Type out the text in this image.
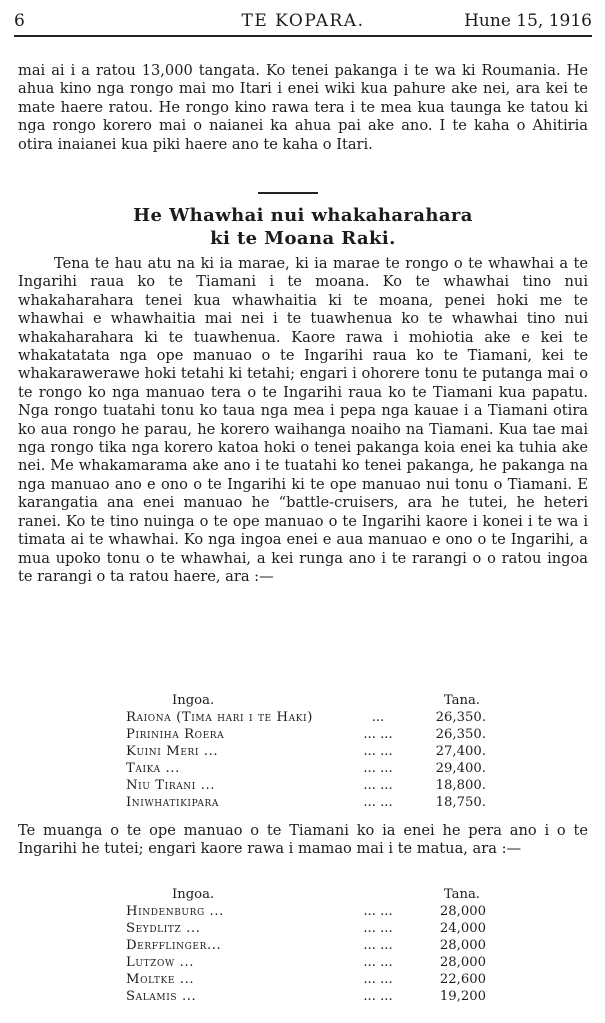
6	TE KOPARA.	Hune 15, 1916

mai ai i a ratou 13,000 tangata. Ko tenei pakanga i te wa ki Roumania. He ahua kino nga rongo mai mo Itari i enei wiki kua pahure ake nei, ara kei te mate haere ratou. He rongo kino rawa tera i te mea kua taunga ke tatou ki nga rongo korero mai o naianei ka ahua pai ake ano. I te kaha o Ahitiria otira inaianei kua piki haere ano te kaha o Itari.

He Whawhai nui whakaharahara
ki te Moana Raki.

Tena te hau atu na ki ia marae, ki ia marae te rongo o te whawhai a te Ingarihi raua ko te Tiamani i te moana. Ko te whawhai tino nui whakaharahara tenei kua whawhaitia ki te moana, penei hoki me te whawhai e whawhaitia mai nei i te tuawhenua ko te whawhai tino nui whakaharahara ki te tuawhenua. Kaore rawa i mohiotia ake e kei te whakatatata nga ope manuao o te Ingarihi raua ko te Tiamani, kei te whakarawerawe hoki tetahi ki tetahi; engari i ohorere tonu te putanga mai o te rongo ko nga manuao tera o te Ingarihi raua ko te Tiamani kua papatu. Nga rongo tuatahi tonu ko taua nga mea i pepa nga kauae i a Tiamani otira ko aua rongo he parau, he korero waihanga noaiho na Tiamani. Kua tae mai nga rongo tika nga korero katoa hoki o tenei pakanga koia enei ka tuhia ake nei. Me whakamarama ake ano i te tuatahi ko tenei pakanga, he pakanga na nga manuao ano e ono o te Ingarihi ki te ope manuao nui tonu o Tiamani. E karangatia ana enei manuao he “battle-cruisers, ara he tutei, he heteri ranei. Ko te tino nuinga o te ope manuao o te Ingarihi kaore i konei i te wa i timata ai te whawhai. Ko nga ingoa enei e aua manuao e ono o te Ingarihi, a mua upoko tonu o te whawhai, a kei runga ano i te rarangi o o ratou ingoa te rarangi o ta ratou haere, ara :—

Ingoa.		Tana.
Raiona (Tima hari i te Haki)	...	26,350.
Piriniha Roera	... ...	26,350.
Kuini Meri ...	... ...	27,400.
Taika ...	... ...	29,400.
Niu Tirani ...	... ...	18,800.
Iniwhatikipara	... ...	18,750.

Te muanga o te ope manuao o te Tiamani ko ia enei he pera ano i o te Ingarihi he tutei; engari kaore rawa i mamao mai i te matua, ara :—

Ingoa.		Tana.
Hindenburg ...	... ...	28,000
Seydlitz ...	... ...	24,000
Derfflinger...	... ...	28,000
Lutzow ...	... ...	28,000
Moltke ...	... ...	22,600
Salamis ...	... ...	19,200
